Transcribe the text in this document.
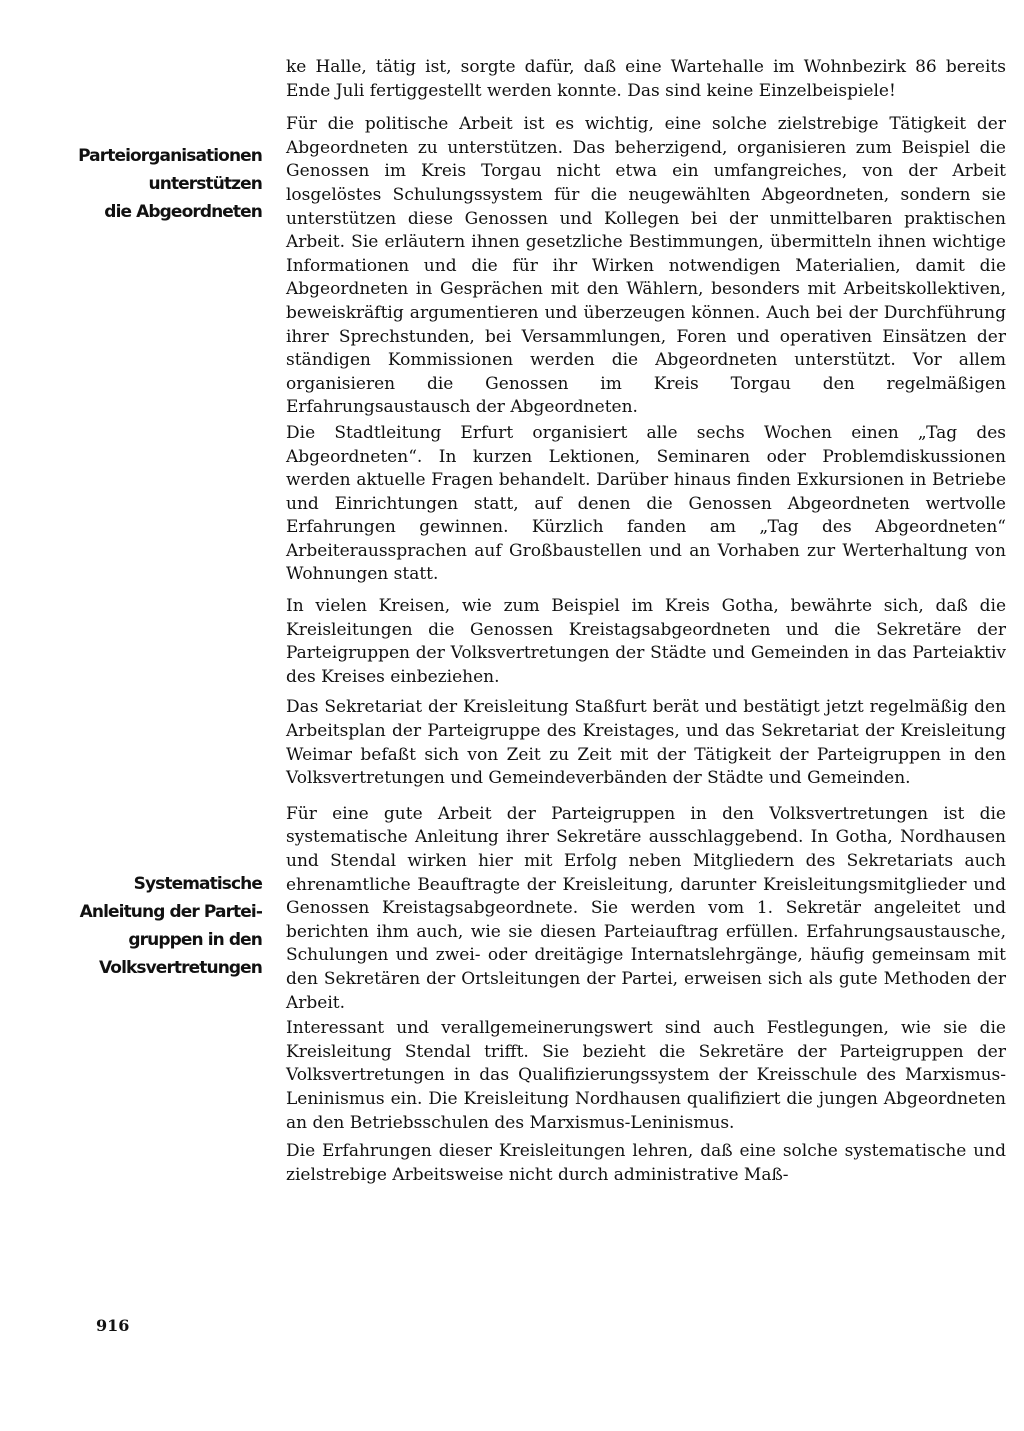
Parteiorganisationen
unterstützen
die Abgeordneten
Systematische
Anleitung der Partei-
gruppen in den
Volksvertretungen

ke Halle, tätig ist, sorgte dafür, daß eine Wartehalle im Wohnbezirk 86 bereits Ende Juli fertiggestellt werden konnte. Das sind keine Einzelbeispiele!

Für die politische Arbeit ist es wichtig, eine solche zielstrebige Tätigkeit der Abgeordneten zu unterstützen. Das beherzigend, organisieren zum Beispiel die Genossen im Kreis Torgau nicht etwa ein umfangreiches, von der Arbeit losgelöstes Schulungssystem für die neugewählten Abgeordneten, sondern sie unterstützen diese Genossen und Kollegen bei der unmittelbaren praktischen Arbeit. Sie erläutern ihnen gesetzliche Bestimmungen, übermitteln ihnen wichtige Informationen und die für ihr Wirken notwendigen Materialien, damit die Abgeordneten in Gesprächen mit den Wählern, besonders mit Arbeitskollektiven, beweiskräftig argumentieren und überzeugen können. Auch bei der Durchführung ihrer Sprechstunden, bei Versammlungen, Foren und operativen Einsätzen der ständigen Kommissionen werden die Abgeordneten unterstützt. Vor allem organisieren die Genossen im Kreis Torgau den regelmäßigen Erfahrungsaustausch der Abgeordneten.

Die Stadtleitung Erfurt organisiert alle sechs Wochen einen „Tag des Abgeordneten“. In kurzen Lektionen, Seminaren oder Problemdiskussionen werden aktuelle Fragen behandelt. Darüber hinaus finden Exkursionen in Betriebe und Einrichtungen statt, auf denen die Genossen Abgeordneten wertvolle Erfahrungen gewinnen. Kürzlich fanden am „Tag des Abgeordneten“ Arbeiteraussprachen auf Großbaustellen und an Vorhaben zur Werterhaltung von Wohnungen statt.

In vielen Kreisen, wie zum Beispiel im Kreis Gotha, bewährte sich, daß die Kreisleitungen die Genossen Kreistagsabgeordneten und die Sekretäre der Parteigruppen der Volksvertretungen der Städte und Gemeinden in das Parteiaktiv des Kreises einbeziehen.

Das Sekretariat der Kreisleitung Staßfurt berät und bestätigt jetzt regelmäßig den Arbeitsplan der Parteigruppe des Kreistages, und das Sekretariat der Kreisleitung Weimar befaßt sich von Zeit zu Zeit mit der Tätigkeit der Parteigruppen in den Volksvertretungen und Gemeindeverbänden der Städte und Gemeinden.

Für eine gute Arbeit der Parteigruppen in den Volksvertretungen ist die systematische Anleitung ihrer Sekretäre ausschlaggebend. In Gotha, Nordhausen und Stendal wirken hier mit Erfolg neben Mitgliedern des Sekretariats auch ehrenamtliche Beauftragte der Kreisleitung, darunter Kreisleitungsmitglieder und Genossen Kreistagsabgeordnete. Sie werden vom 1. Sekretär angeleitet und berichten ihm auch, wie sie diesen Parteiauftrag erfüllen. Erfahrungsaustausche, Schulungen und zwei- oder dreitägige Internatslehrgänge, häufig gemeinsam mit den Sekretären der Ortsleitungen der Partei, erweisen sich als gute Methoden der Arbeit.

Interessant und verallgemeinerungswert sind auch Festlegungen, wie sie die Kreisleitung Stendal trifft. Sie bezieht die Sekretäre der Parteigruppen der Volksvertretungen in das Qualifizierungssystem der Kreisschule des Marxismus-Leninismus ein. Die Kreisleitung Nordhausen qualifiziert die jungen Abgeordneten an den Betriebsschulen des Marxismus-Leninismus.

Die Erfahrungen dieser Kreisleitungen lehren, daß eine solche systematische und zielstrebige Arbeitsweise nicht durch administrative Maß-

916
